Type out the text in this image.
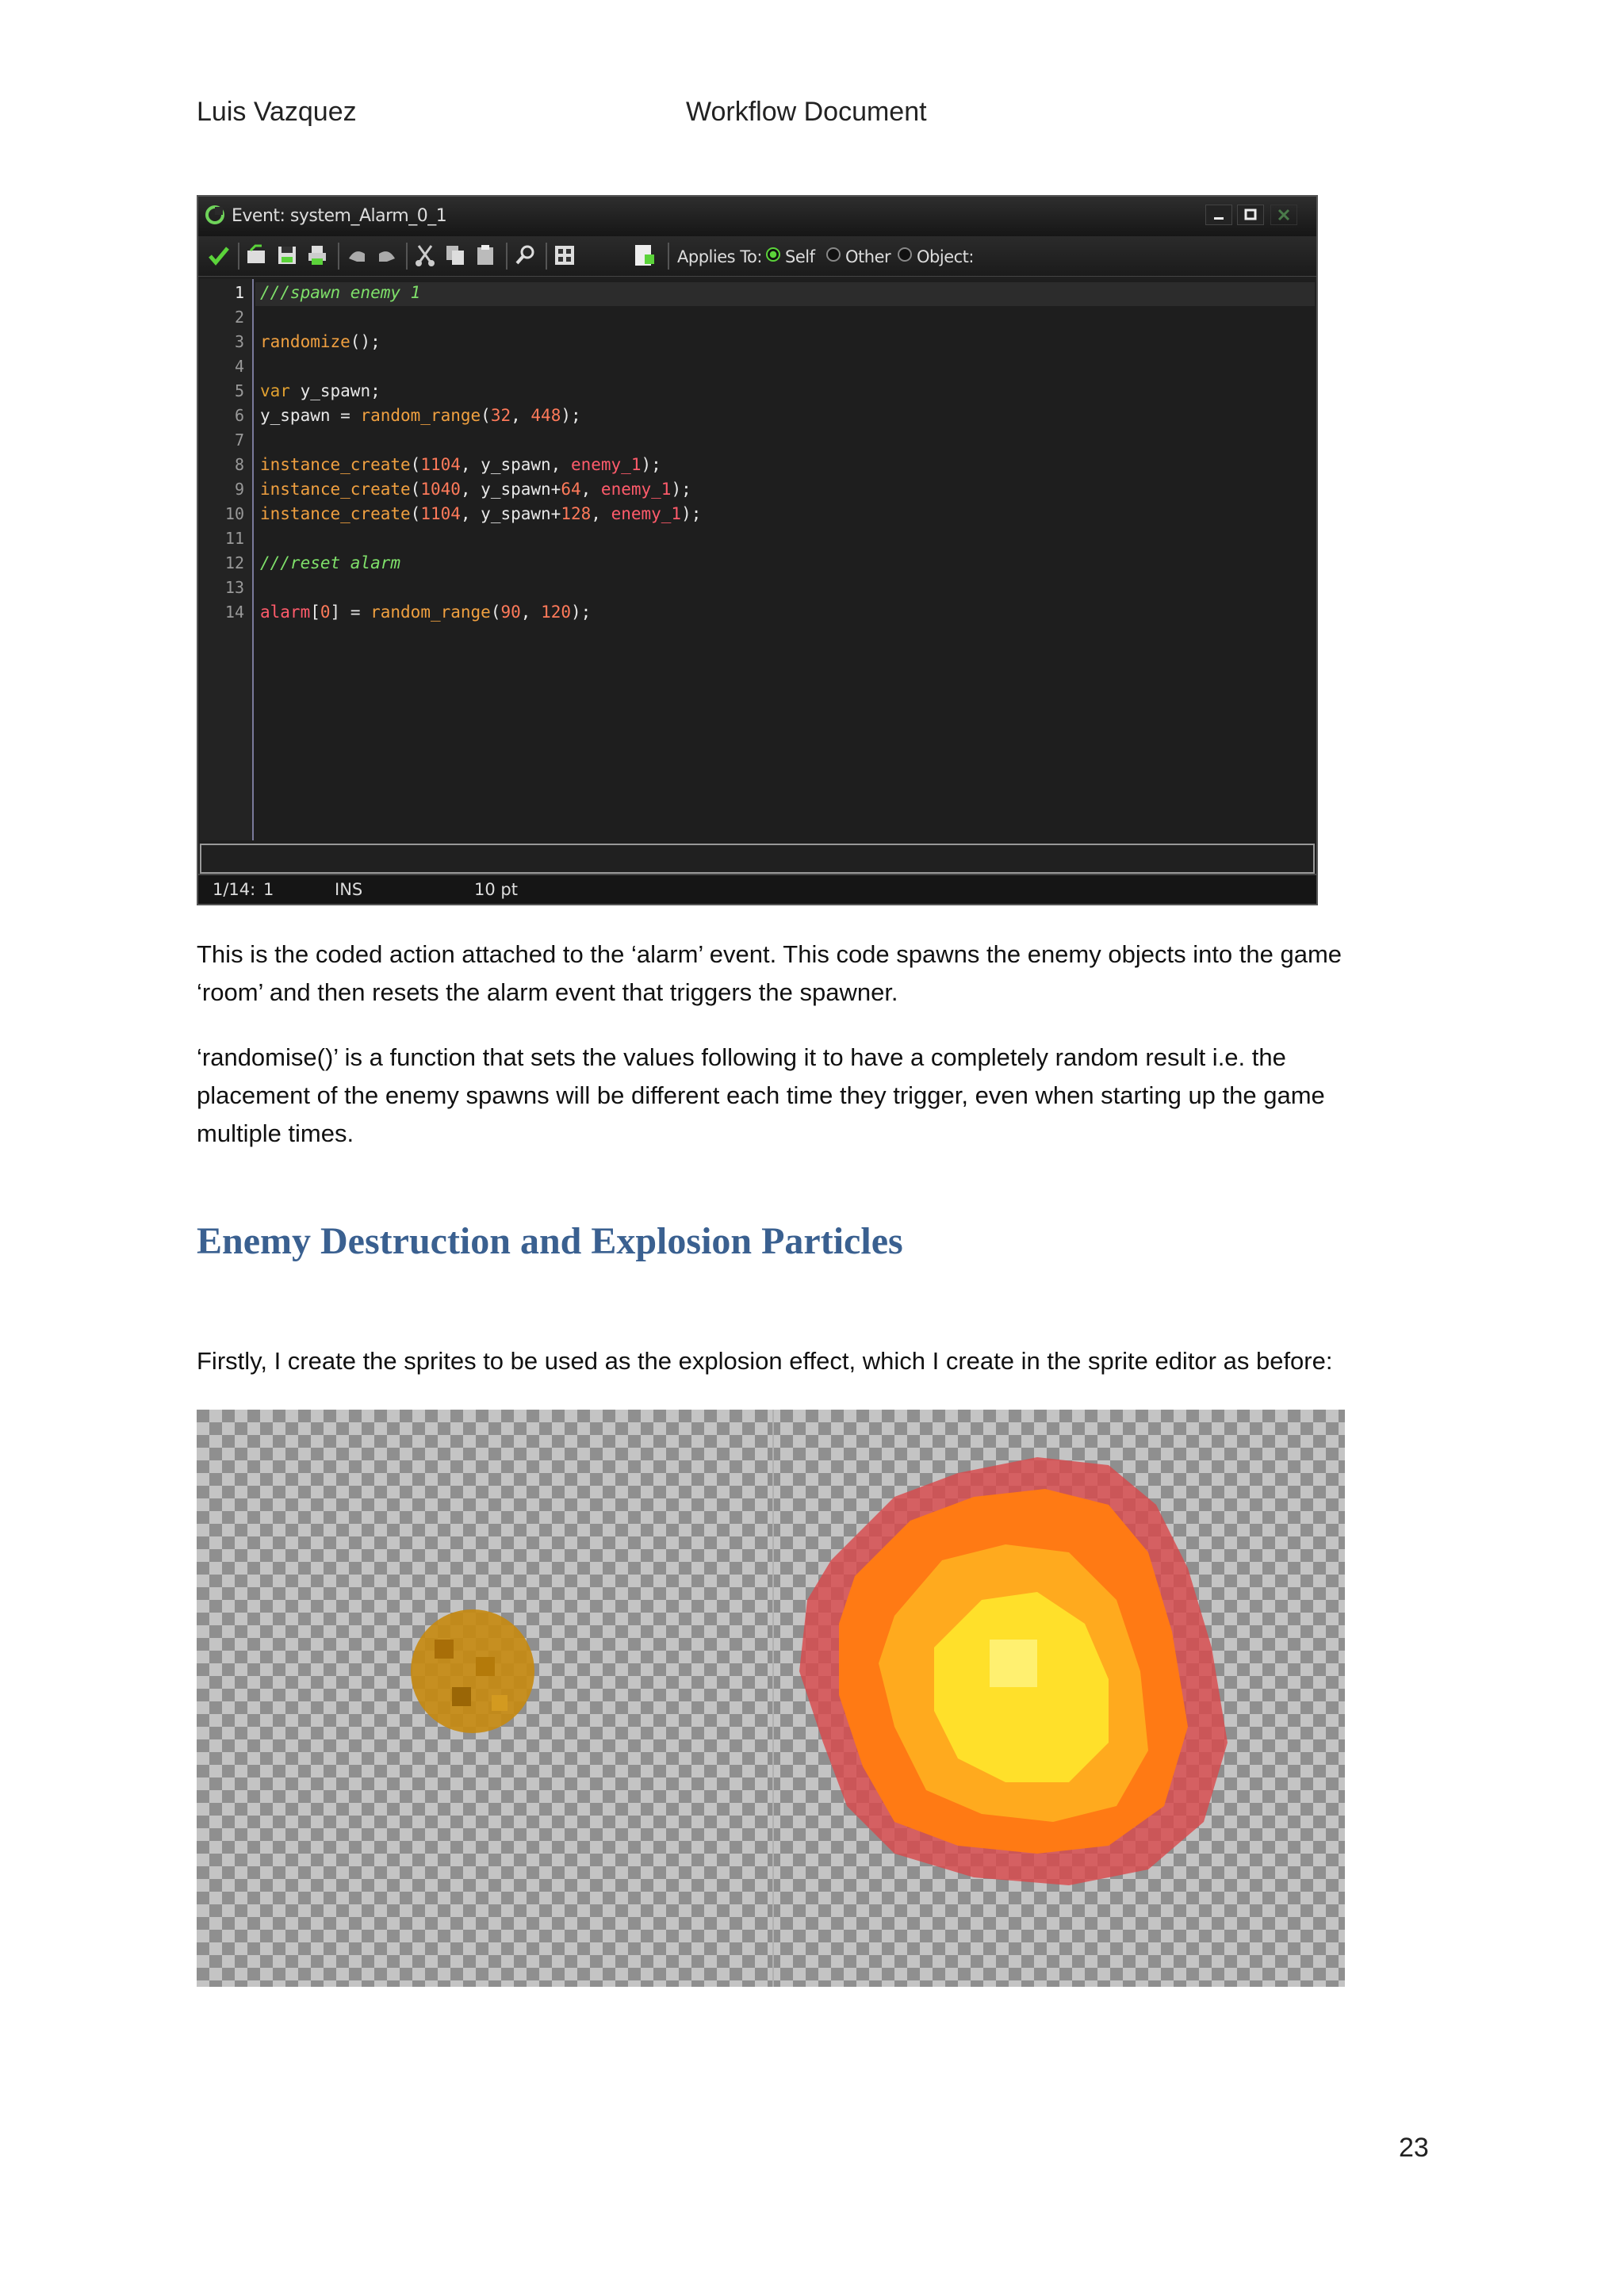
Luis Vazquez	Workflow Document
Event: system_Alarm_0_1
Applies To: Self Other Object:
1
2
3
4
5
6
7
8
9
10
11
12
13
14
///spawn enemy 1
randomize();
var y_spawn;
y_spawn = random_range(32, 448);
instance_create(1104, y_spawn, enemy_1);
instance_create(1040, y_spawn+64, enemy_1);
instance_create(1104, y_spawn+128, enemy_1);
///reset alarm
alarm[0] = random_range(90, 120);
1/14: 1	INS	10 pt
This is the coded action attached to the ‘alarm’ event. This code spawns the enemy objects into the game ‘room’ and then resets the alarm event that triggers the spawner.
‘randomise()’ is a function that sets the values following it to have a completely random result i.e. the placement of the enemy spawns will be different each time they trigger, even when starting up the game multiple times.
Enemy Destruction and Explosion Particles
Firstly, I create the sprites to be used as the explosion effect, which I create in the sprite editor as before:
23
